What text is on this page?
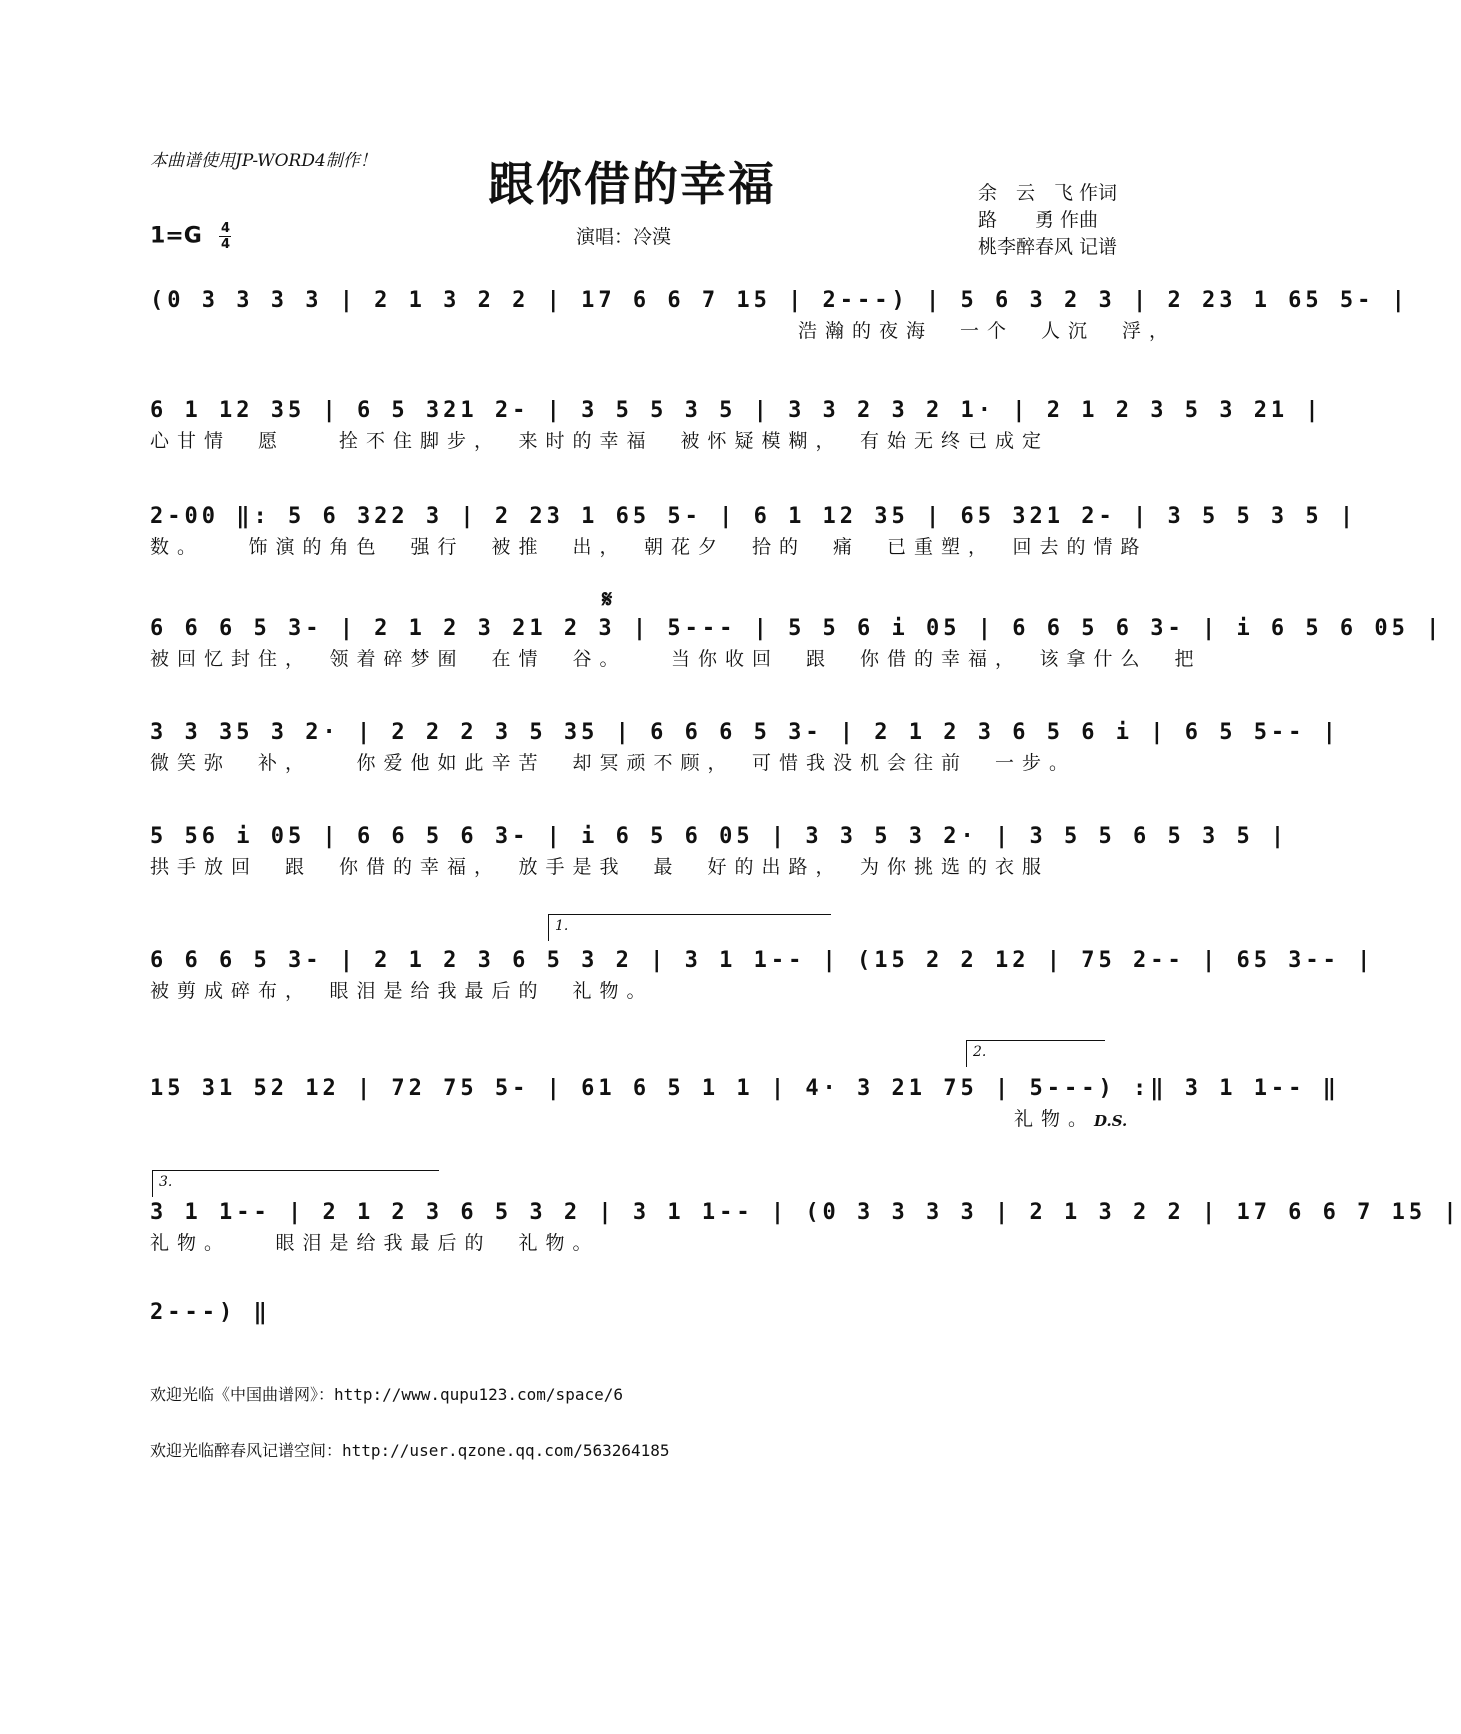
本曲谱使用JP-WORD4制作！ 跟你借的幸福
$1=G \frac{4}{4}$	演唱：冷漠
余　云　飞 作词
路　　勇 作曲
桃李醉春风 记谱
(0 3 3 3 3 | 2 1 3 2 2 | 17 6 6 7 15 | 2---) | 5 6 3 2 3 | 2 23 1 65 5- |
　　　　　　　　　　　　　　　　　　　　　　　　浩瀚的夜海　一个　人沉　浮，
6 1 12 35 | 6 5 321 2- | 3 5 5 3 5 | 3 3 2 3 2 1· | 2 1 2 3 5 3 21 |
心甘情　愿　　拴不住脚步，　来时的幸福　被怀疑模糊，　有始无终已成定
2-00 ‖: 5 6 322 3 | 2 23 1 65 5- | 6 1 12 35 | 65 321 2- | 3 5 5 3 5 |
数。　　饰演的角色　强行　被推　出，　朝花夕　拾的　痛　已重塑，　回去的情路
𝄋
6 6 6 5 3- | 2 1 2 3 21 2 3 | 5--- | 5 5 6 i 05 | 6 6 5 6 3- | i 6 5 6 05 |
被回忆封住，　领着碎梦囿　在情　谷。　　当你收回　跟　你借的幸福，　该拿什么　把
3 3 35 3 2· | 2 2 2 3 5 35 | 6 6 6 5 3- | 2 1 2 3 6 5 6 i | 6 5 5-- |
微笑弥　补，　　你爱他如此辛苦　却冥顽不顾，　可惜我没机会往前　一步。
5 56 i 05 | 6 6 5 6 3- | i 6 5 6 05 | 3 3 5 3 2· | 3 5 5 6 5 3 5 |
拱手放回　跟　你借的幸福，　放手是我　最　好的出路，　为你挑选的衣服
1.
6 6 6 5 3- | 2 1 2 3 6 5 3 2 | 3 1 1-- | (15 2 2 12 | 75 2-- | 65 3-- |
被剪成碎布，　眼泪是给我最后的　礼物。
2.
15 31 52 12 | 72 75 5- | 61 6 5 1 1 | 4· 3 21 75 | 5---) :‖ 3 1 1-- ‖
　　　　　　　　　　　　　　　　　　　　　　　　　　　　　　　　礼物。
D.S.
3.
3 1 1-- | 2 1 2 3 6 5 3 2 | 3 1 1-- | (0 3 3 3 3 | 2 1 3 2 2 | 17 6 6 7 15 |
礼物。　　眼泪是给我最后的　礼物。
2---) ‖
欢迎光临《中国曲谱网》：http://www.qupu123.com/space/6
欢迎光临醉春风记谱空间：http://user.qzone.qq.com/563264185
